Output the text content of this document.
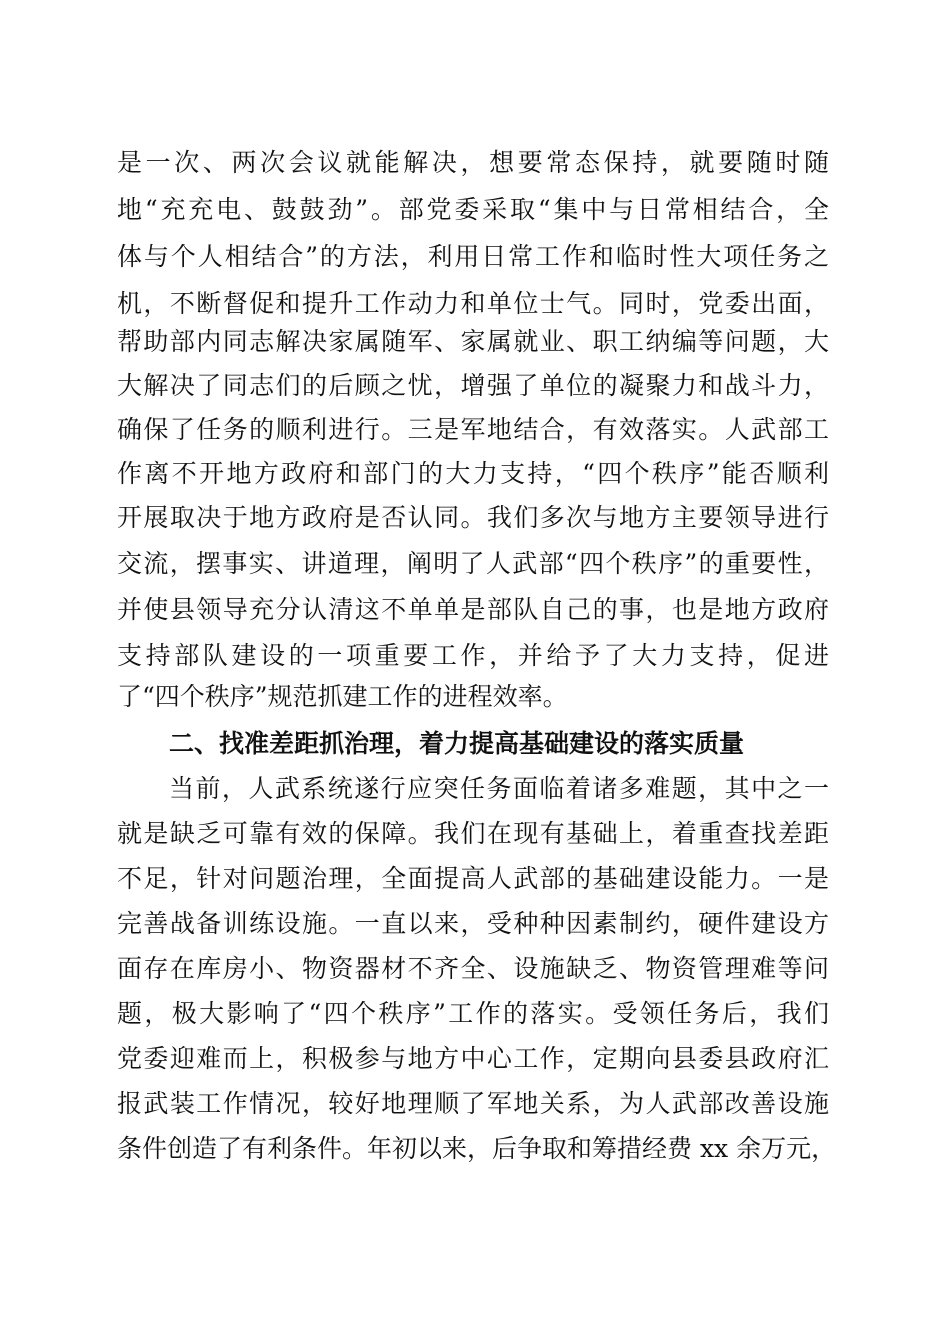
是一次、两次会议就能解决，想要常态保持，就要随时随
地“充充电、鼓鼓劲”。部党委采取“集中与日常相结合，全
体与个人相结合”的方法，利用日常工作和临时性大项任务之
机，不断督促和提升工作动力和单位士气。同时，党委出面，
帮助部内同志解决家属随军、家属就业、职工纳编等问题，大
大解决了同志们的后顾之忧，增强了单位的凝聚力和战斗力，
确保了任务的顺利进行。三是军地结合，有效落实。人武部工
作离不开地方政府和部门的大力支持，“四个秩序”能否顺利
开展取决于地方政府是否认同。我们多次与地方主要领导进行
交流，摆事实、讲道理，阐明了人武部“四个秩序”的重要性，
并使县领导充分认清这不单单是部队自己的事，也是地方政府
支持部队建设的一项重要工作，并给予了大力支持，促进
了“四个秩序”规范抓建工作的进程效率。
二、找准差距抓治理，着力提高基础建设的落实质量
当前，人武系统遂行应突任务面临着诸多难题，其中之一
就是缺乏可靠有效的保障。我们在现有基础上，着重查找差距
不足，针对问题治理，全面提高人武部的基础建设能力。一是
完善战备训练设施。一直以来，受种种因素制约，硬件建设方
面存在库房小、物资器材不齐全、设施缺乏、物资管理难等问
题，极大影响了“四个秩序”工作的落实。受领任务后，我们
党委迎难而上，积极参与地方中心工作，定期向县委县政府汇
报武装工作情况，较好地理顺了军地关系，为人武部改善设施
条件创造了有利条件。年初以来，后争取和筹措经费 xx 余万元，
